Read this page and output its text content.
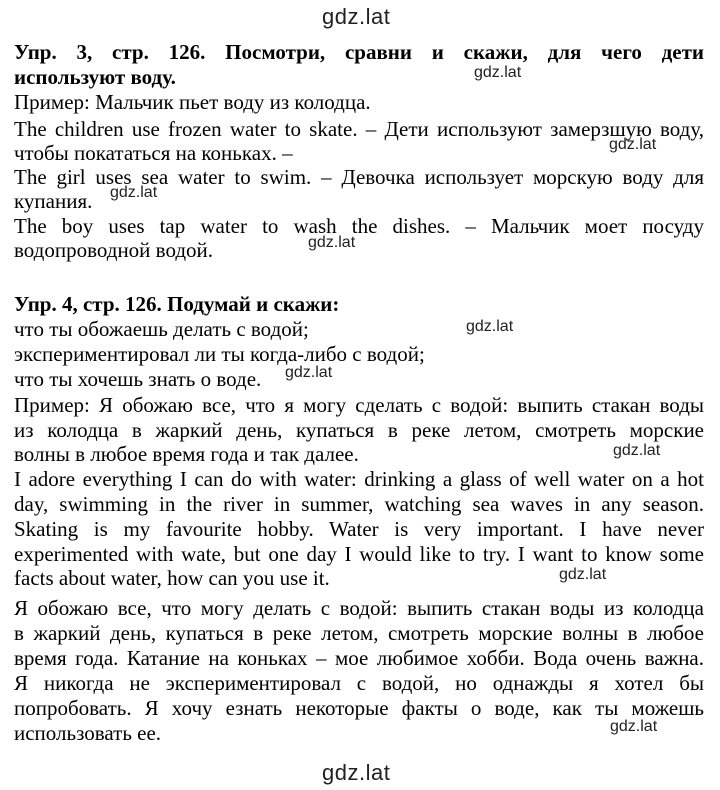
Упр. 3, стр. 126. Посмотри, сравни и скажи, для чего дети
используют воду.
Пример: Мальчик пьет воду из колодца.
The children use frozen water to skate. – Дети используют замерзшую воду,
чтобы покататься на коньках. –
The girl uses sea water to swim. – Девочка использует морскую воду для
купания.
The boy uses tap water to wash the dishes. – Мальчик моет посуду
водопроводной водой.
Упр. 4, стр. 126. Подумай и скажи:
что ты обожаешь делать с водой;
экспериментировал ли ты когда-либо с водой;
что ты хочешь знать о воде.
Пример: Я обожаю все, что я могу сделать с водой: выпить стакан воды
из колодца в жаркий день, купаться в реке летом, смотреть морские
волны в любое время года и так далее.
I adore everything I can do with water: drinking a glass of well water on a hot
day, swimming in the river in summer, watching sea waves in any season.
Skating is my favourite hobby. Water is very important. I have never
experimented with wate, but one day I would like to try. I want to know some
facts about water, how can you use it.
Я обожаю все, что могу делать с водой: выпить стакан воды из колодца
в жаркий день, купаться в реке летом, смотреть морские волны в любое
время года. Катание на коньках – мое любимое хобби. Вода очень важна.
Я никогда не экспериментировал с водой, но однажды я хотел бы
попробовать. Я хочу езнать некоторые факты о воде, как ты можешь
использовать ее.
gdz.lat
gdz.lat
gdz.lat
gdz.lat
gdz.lat
gdz.lat
gdz.lat
gdz.lat
gdz.lat
gdz.lat
gdz.lat
